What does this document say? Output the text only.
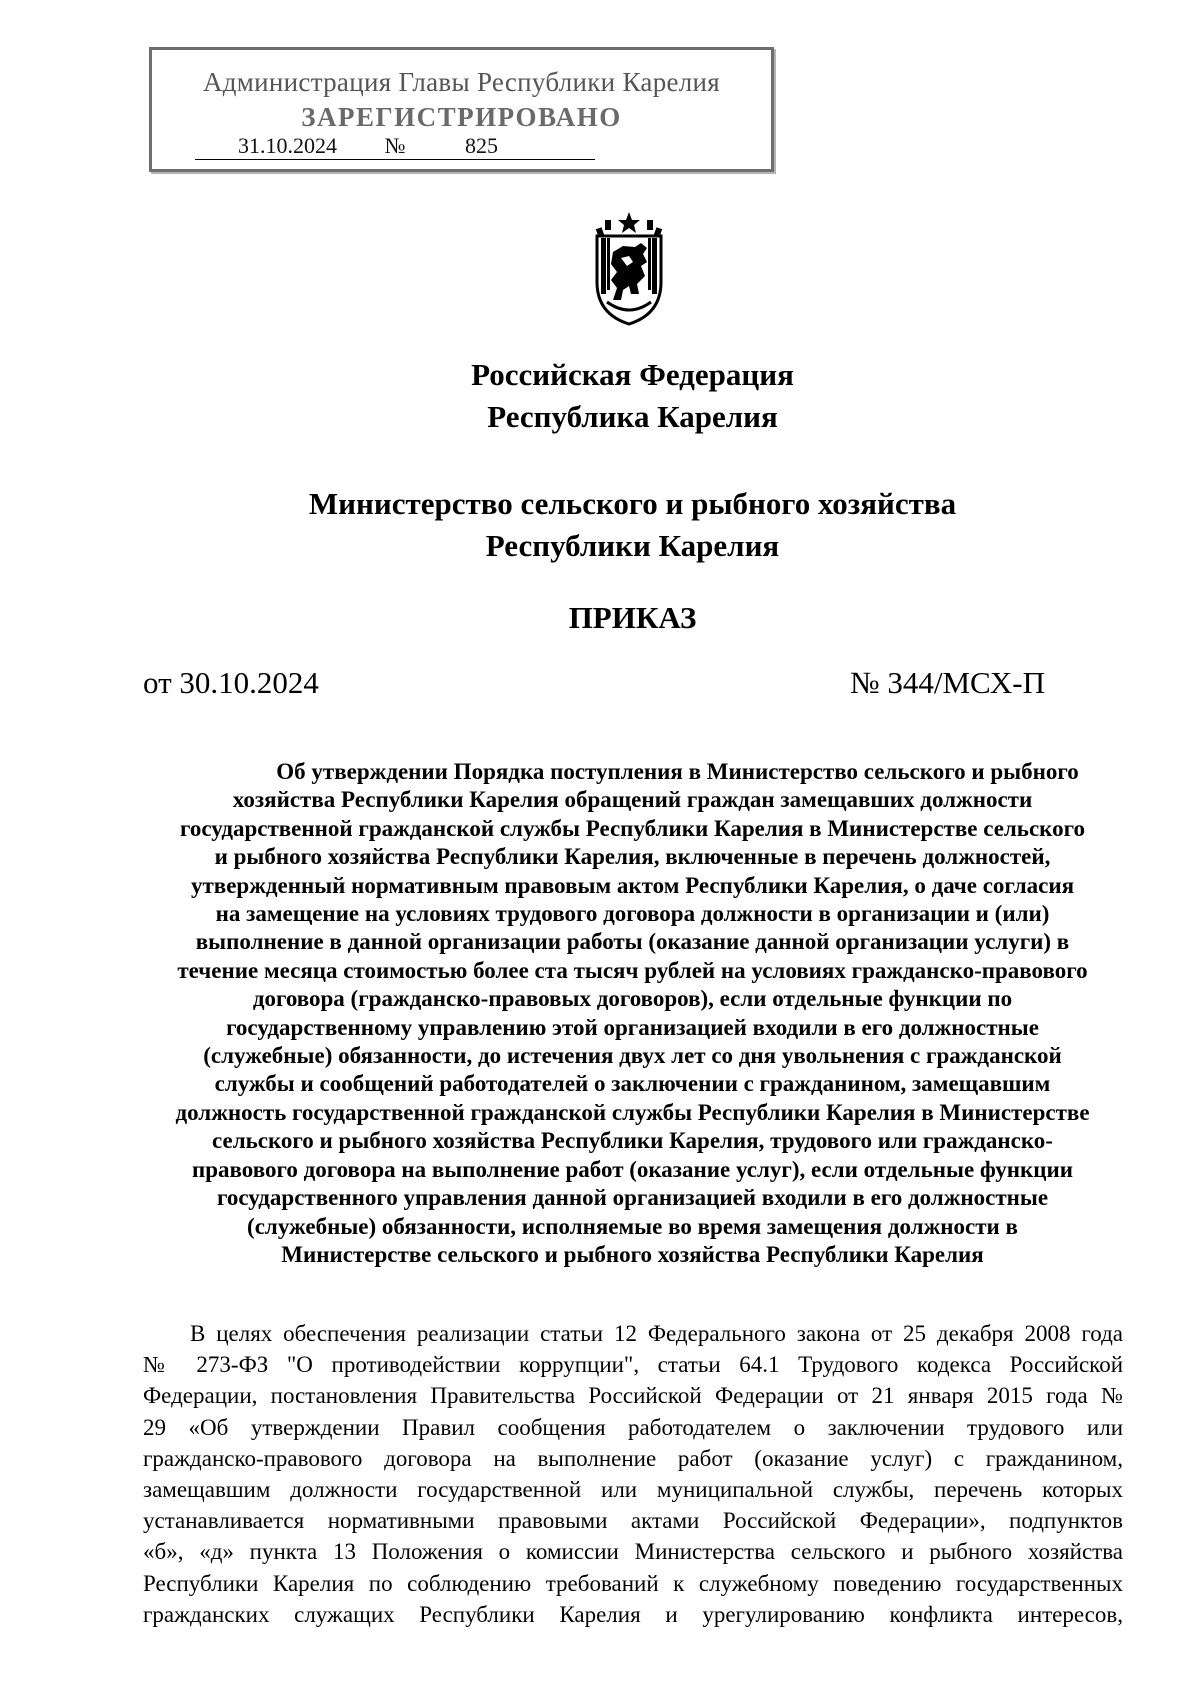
Администрация Главы Республики Карелия
ЗАРЕГИСТРИРОВАНО
31.10.2024	№	825
Российская Федерация
Республика Карелия
Министерство сельского и рыбного хозяйства
Республики Карелия
ПРИКАЗ
от 30.10.2024	№ 344/МСХ-П
Об утверждении Порядка поступления в Министерство сельского и рыбного
хозяйства Республики Карелия обращений граждан замещавших должности
государственной гражданской службы Республики Карелия в Министерстве сельского
и рыбного хозяйства Республики Карелия, включенные в перечень должностей,
утвержденный нормативным правовым актом Республики Карелия, о даче согласия
на замещение на условиях трудового договора должности в организации и (или)
выполнение в данной организации работы (оказание данной организации услуги) в
течение месяца стоимостью более ста тысяч рублей на условиях гражданско-правового
договора (гражданско-правовых договоров), если отдельные функции по
государственному управлению этой организацией входили в его должностные
(служебные) обязанности, до истечения двух лет со дня увольнения с гражданской
службы и сообщений работодателей о заключении с гражданином, замещавшим
должность государственной гражданской службы Республики Карелия в Министерстве
сельского и рыбного хозяйства Республики Карелия, трудового или гражданско-
правового договора на выполнение работ (оказание услуг), если отдельные функции
государственного управления данной организацией входили в его должностные
(служебные) обязанности, исполняемые во время замещения должности в
Министерстве сельского и рыбного хозяйства Республики Карелия
В целях обеспечения реализации статьи 12 Федерального закона от 25 декабря 2008 года
№ 273-ФЗ "О противодействии коррупции", статьи 64.1 Трудового кодекса Российской
Федерации, постановления Правительства Российской Федерации от 21 января 2015 года №
29 «Об утверждении Правил сообщения работодателем о заключении трудового или
гражданско-правового договора на выполнение работ (оказание услуг) с гражданином,
замещавшим должности государственной или муниципальной службы, перечень которых
устанавливается нормативными правовыми актами Российской Федерации», подпунктов
«б», «д» пункта 13 Положения о комиссии Министерства сельского и рыбного хозяйства
Республики Карелия по соблюдению требований к служебному поведению государственных
гражданских служащих Республики Карелия и урегулированию конфликта интересов,
